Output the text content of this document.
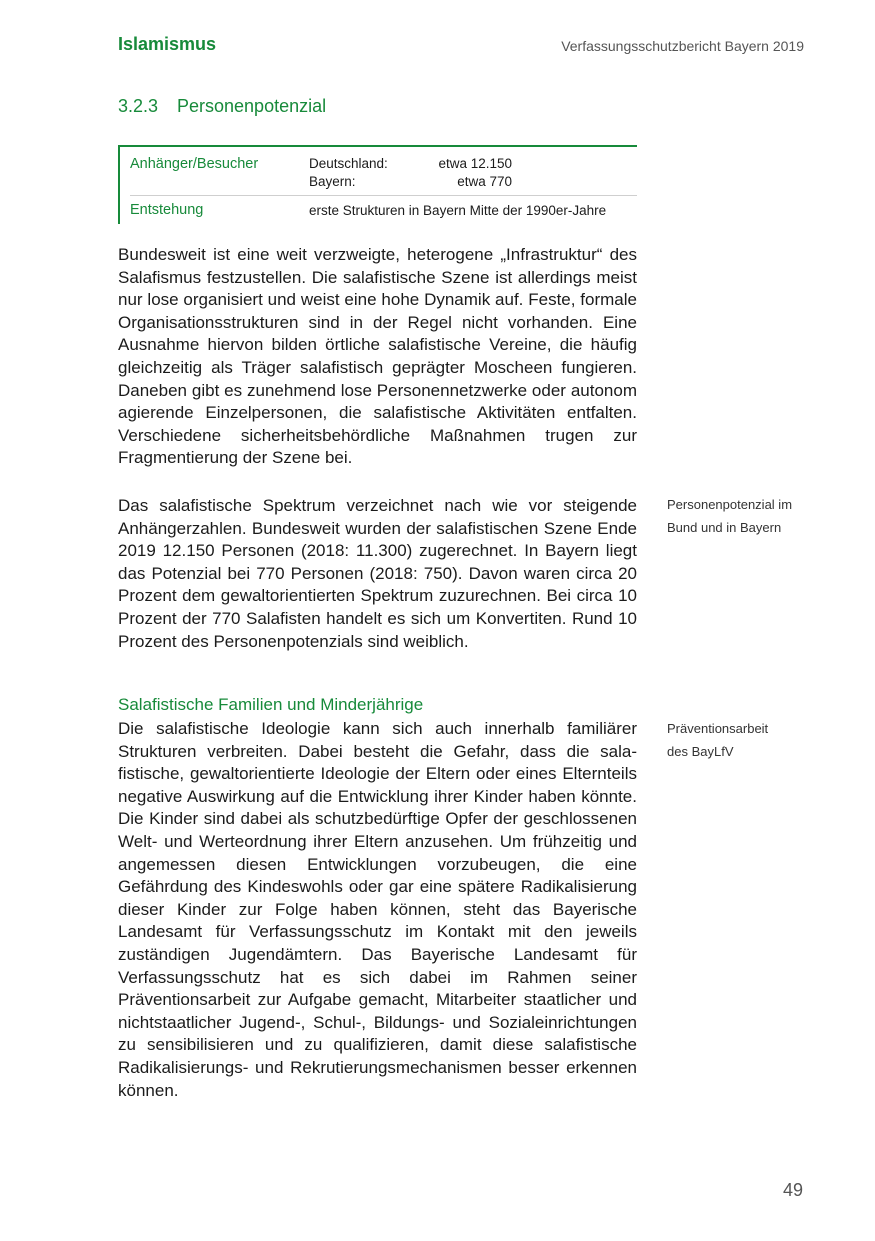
Islamismus	Verfassungsschutzbericht Bayern 2019
3.2.3 Personenpotenzial
Anhänger/Besucher	Deutschland:	etwa 12.150
Bayern:	etwa 770
Entstehung	erste Strukturen in Bayern Mitte der 1990er-Jahre

Bundesweit ist eine weit verzweigte, heterogene „Infrastruktur“ des Salafismus festzustellen. Die salafistische Szene ist allerdings meist nur lose organisiert und weist eine hohe Dynamik auf. Feste, formale Organisationsstrukturen sind in der Regel nicht vorhanden. Eine Ausnahme hiervon bilden örtliche salafistische Vereine, die häufig gleichzeitig als Träger salafistisch geprägter Moscheen fungieren. Daneben gibt es zunehmend lose Personennetzwerke oder autonom agierende Einzelpersonen, die salafistische Aktivitäten entfalten. Verschiedene sicherheitsbehördliche Maßnahmen trugen zur Fragmentierung der Szene bei.

Das salafistische Spektrum verzeichnet nach wie vor steigende Anhängerzahlen. Bundesweit wurden der salafistischen Szene Ende 2019 12.150 Personen (2018: 11.300) zugerechnet. In Bayern liegt das Potenzial bei 770 Personen (2018: 750). Davon waren circa 20 Prozent dem gewaltorientierten Spektrum zuzurechnen. Bei circa 10 Prozent der 770 Salafisten handelt es sich um Konvertiten. Rund 10 Prozent des Personenpotenzials sind weiblich.

Salafistische Familien und Minderjährige

Die salafistische Ideologie kann sich auch innerhalb familiärer Strukturen verbreiten. Dabei besteht die Gefahr, dass die salafistische, gewaltorientierte Ideologie der Eltern oder eines Elternteils negative Auswirkung auf die Entwicklung ihrer Kinder haben könnte. Die Kinder sind dabei als schutzbedürftige Opfer der geschlossenen Welt- und Werteordnung ihrer Eltern anzusehen. Um frühzeitig und angemessen diesen Entwicklungen vorzubeugen, die eine Gefährdung des Kindeswohls oder gar eine spätere Radikalisierung dieser Kinder zur Folge haben können, steht das Bayerische Landesamt für Verfassungsschutz im Kontakt mit den jeweils zuständigen Jugendämtern. Das Bayerische Landesamt für Verfassungsschutz hat es sich dabei im Rahmen seiner Präventionsarbeit zur Aufgabe gemacht, Mitarbeiter staatlicher und nichtstaatlicher Jugend-, Schul-, Bildungs- und Sozialeinrichtungen zu sensibilisieren und zu qualifizieren, damit diese salafistische Radikalisierungs- und Rekrutierungsmechanismen besser erkennen können.

Personenpotenzial im Bund und in Bayern
Präventionsarbeit des BayLfV
49
